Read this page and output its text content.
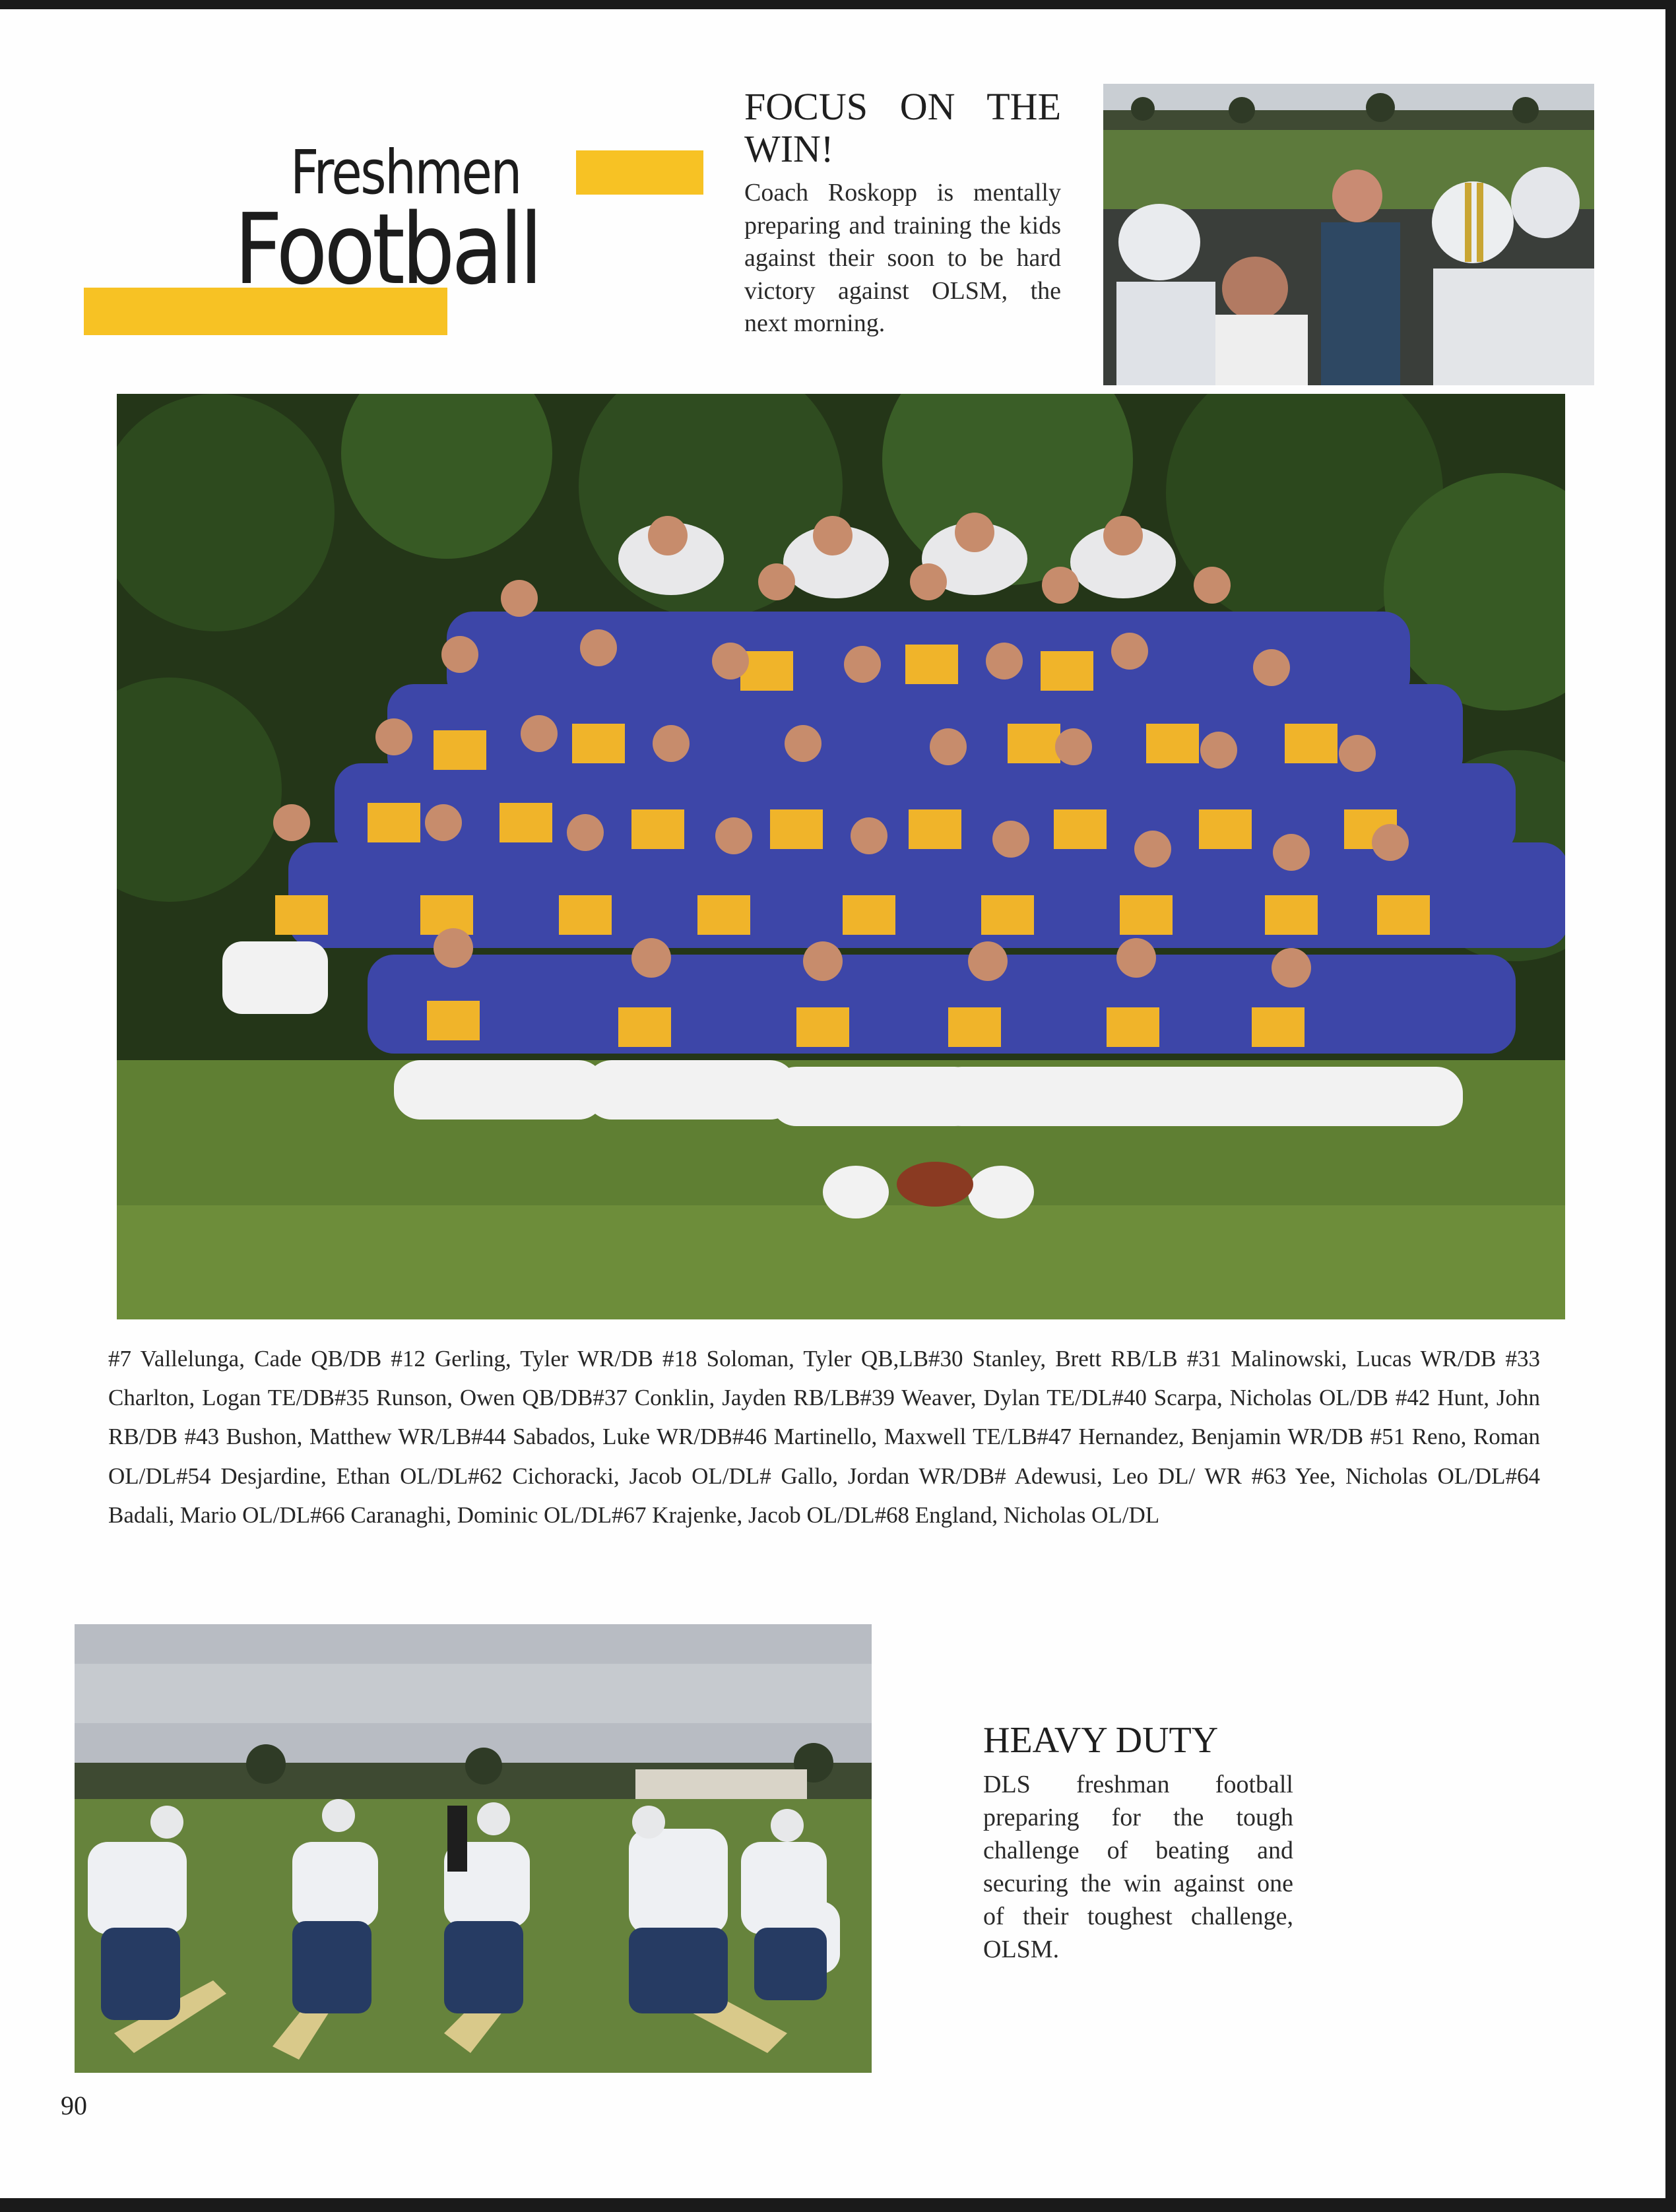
Freshmen
Football
FOCUS ON THE
WIN!
Coach Roskopp is mentally preparing and training the kids against their soon to be hard victory against OLSM, the next morning.
#7 Vallelunga, Cade QB/DB #12 Gerling, Tyler WR/DB #18 Soloman, Tyler QB,LB#30 Stanley, Brett RB/LB #31 Malinowski, Lucas WR/DB #33 Charlton, Logan TE/DB#35 Runson, Owen QB/DB#37 Conklin, Jayden RB/LB#39 Weaver, Dylan TE/DL#40 Scarpa, Nicholas OL/DB #42 Hunt, John RB/DB #43 Bushon, Matthew WR/LB#44 Sabados, Luke WR/DB#46 Martinello, Maxwell TE/LB#47 Hernandez, Benjamin WR/DB #51 Reno, Roman OL/DL#54 Desjardine, Ethan OL/DL#62 Cichoracki, Jacob OL/DL# Gallo, Jordan WR/DB# Adewusi, Leo DL/ WR #63 Yee, Nicholas OL/DL#64 Badali, Mario OL/DL#66 Caranaghi, Dominic OL/DL#67 Krajenke, Jacob OL/DL#68 England, Nicholas OL/DL
HEAVY DUTY
DLS freshman football preparing for the tough challenge of beating and securing the win against one of their toughest challenge, OLSM.
90
